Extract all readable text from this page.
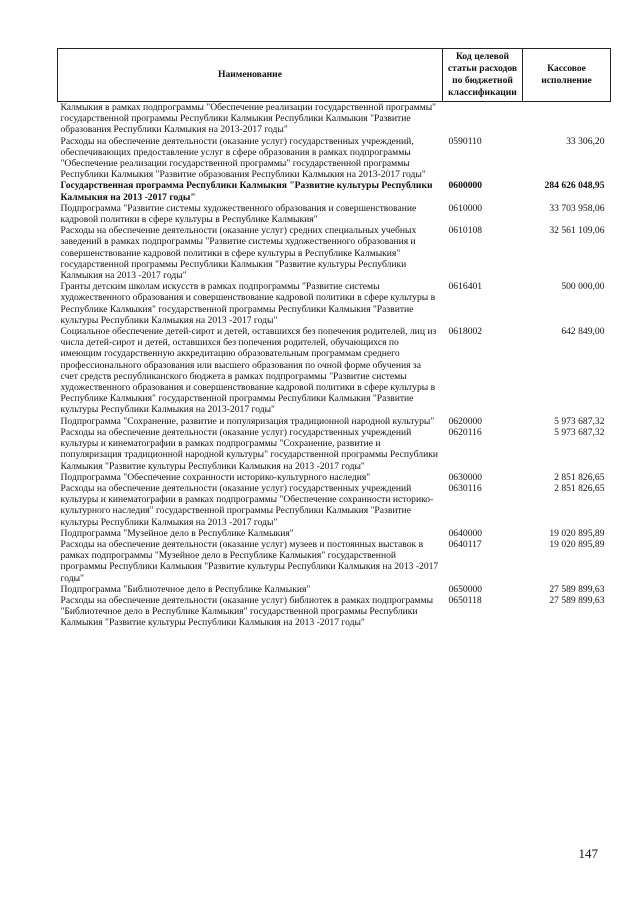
Наименование	Код целевой статьи расходов по бюджетной классификации	Кассовое исполнение
Калмыкия в рамках подпрограммы "Обеспечение реализации государственной программы" государственной программы Республики Калмыкия Республики Калмыкия "Развитие образования Республики Калмыкия на 2013-2017 годы"		
Расходы на обеспечение деятельности (оказание услуг) государственных учреждений, обеспечивающих предоставление услуг в сфере образования в рамках подпрограммы "Обеспечение реализации государственной программы" государственной программы Республики Калмыкия "Развитие образования Республики Калмыкия на 2013-2017 годы"	0590110	33 306,20
Государственная программа Республики Калмыкия "Развитие культуры Республики Калмыкия на 2013 -2017 годы"	0600000	284 626 048,95
Подпрограмма "Развитие системы художественного образования и совершенствование кадровой политики в сфере культуры в Республике Калмыкия"	0610000	33 703 958,06
Расходы на обеспечение деятельности (оказание услуг) средних специальных учебных заведений в рамках подпрограммы "Развитие системы художественного образования и совершенствование кадровой политики в сфере культуры в Республике Калмыкия" государственной программы Республики Калмыкия "Развитие культуры Республики Калмыкия на 2013 -2017 годы"	0610108	32 561 109,06
Гранты детским школам искусств в рамках подпрограммы "Развитие системы художественного образования и совершенствование кадровой политики в сфере культуры в Республике Калмыкия" государственной программы Республики Калмыкия "Развитие культуры Республики Калмыкия на 2013 -2017 годы"	0616401	500 000,00
Социальное обеспечение детей-сирот и детей, оставшихся без попечения родителей, лиц из числа детей-сирот и детей, оставшихся без попечения родителей, обучающихся по имеющим государственную аккредитацию образовательным программам среднего профессионального образования или высшего образования по очной форме обучения за счет средств республиканского бюджета в рамках подпрограммы "Развитие системы художественного образования и совершенствование кадровой политики в сфере культуры в Республике Калмыкия" государственной программы Республики Калмыкия "Развитие культуры Республики Калмыкия на 2013-2017 годы"	0618002	642 849,00
Подпрограмма "Сохранение, развитие и популяризация традиционной народной культуры"	0620000	5 973 687,32
Расходы на обеспечение деятельности (оказание услуг) государственных учреждений культуры и кинематографии в рамках подпрограммы "Сохранение, развитие и популяризация традиционной народной культуры" государственной программы Республики Калмыкия "Развитие культуры Республики Калмыкия на 2013 -2017 годы"	0620116	5 973 687,32
Подпрограмма "Обеспечение сохранности историко-культурного наследия"	0630000	2 851 826,65
Расходы на обеспечение деятельности (оказание услуг) государственных учреждений культуры и кинематографии в рамках подпрограммы "Обеспечение сохранности историко-культурного наследия" государственной программы Республики Калмыкия "Развитие культуры Республики Калмыкия на 2013 -2017 годы"	0630116	2 851 826,65
Подпрограмма "Музейное дело в Республике Калмыкия"	0640000	19 020 895,89
Расходы на обеспечение деятельности (оказание услуг) музеев и постоянных выставок в рамках подпрограммы "Музейное дело в Республике Калмыкия" государственной программы Республики Калмыкия "Развитие культуры Республики Калмыкия на 2013 -2017 годы"	0640117	19 020 895,89
Подпрограмма "Библиотечное дело в Республике Калмыкия"	0650000	27 589 899,63
Расходы на обеспечение деятельности (оказание услуг) библиотек в рамках подпрограммы "Библиотечное дело в Республике Калмыкия" государственной программы Республики Калмыкия "Развитие культуры Республики Калмыкия на 2013 -2017 годы"	0650118	27 589 899,63
147
